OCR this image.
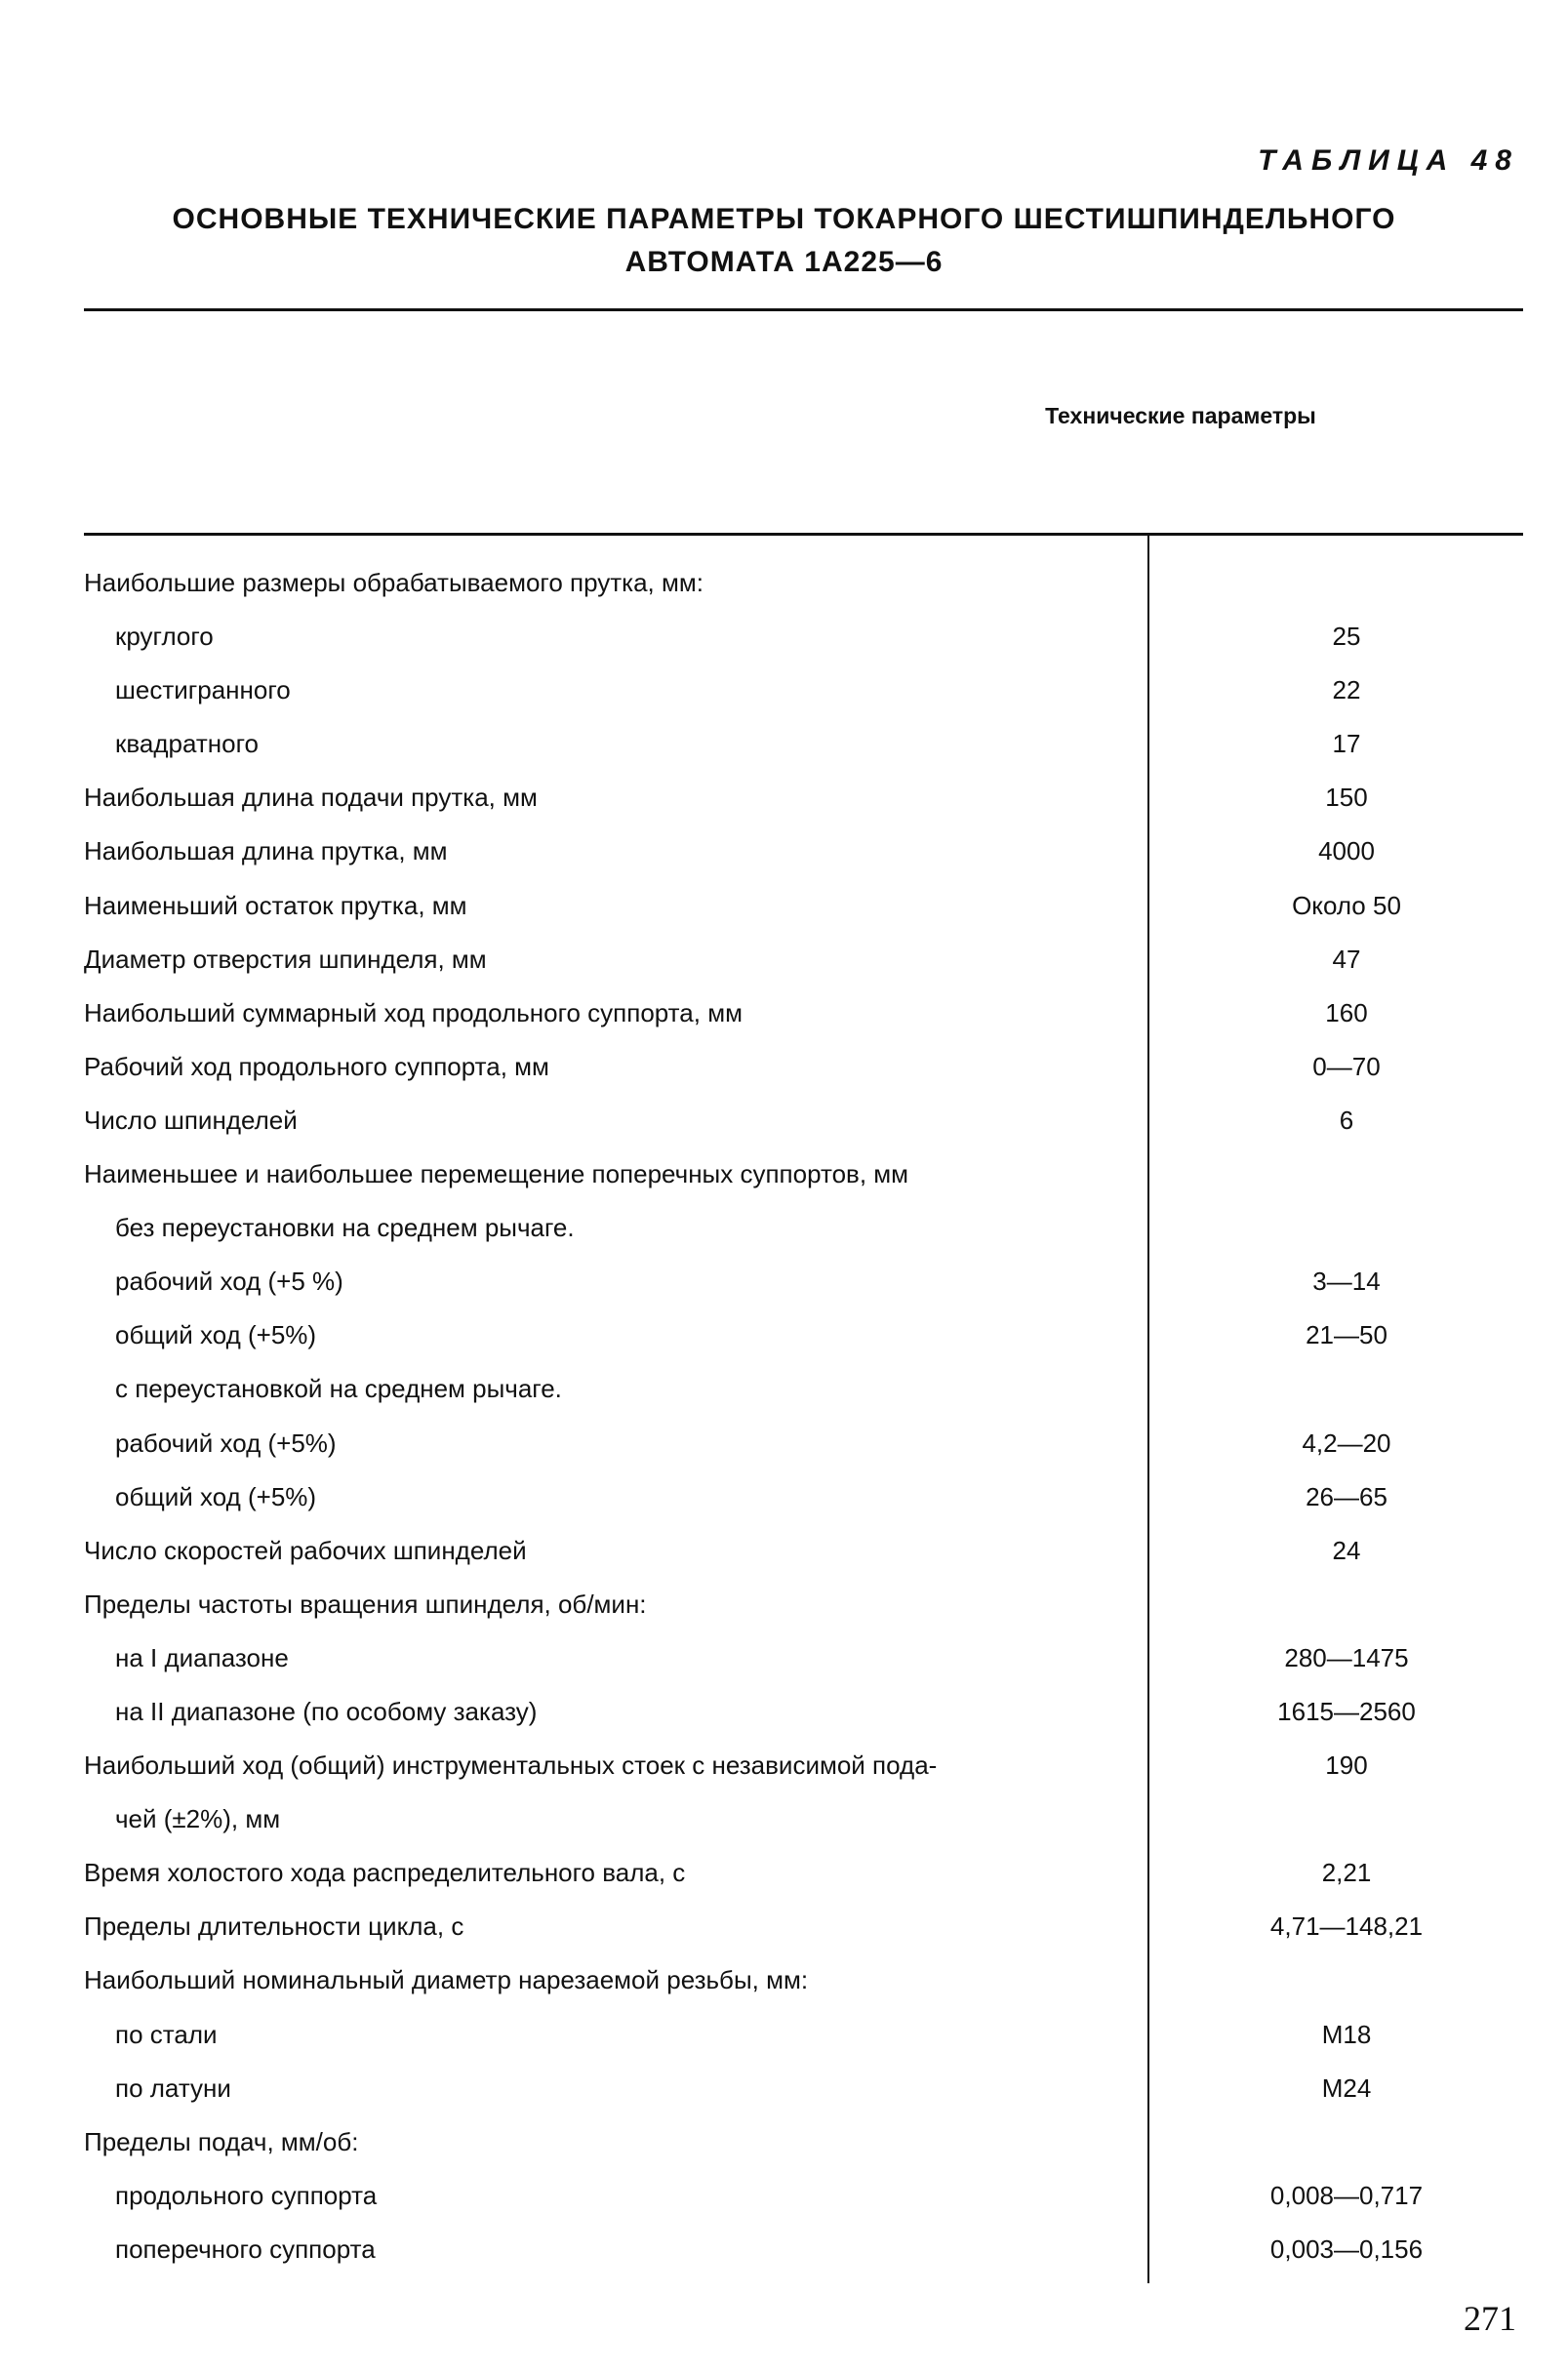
ТАБЛИЦА 48
ОСНОВНЫЕ ТЕХНИЧЕСКИЕ ПАРАМЕТРЫ ТОКАРНОГО ШЕСТИШПИНДЕЛЬНОГО
АВТОМАТА 1А225—6
Технические параметры
Наибольшие размеры обрабатываемого прутка, мм:
круглого	25
шестигранного	22
квадратного	17
Наибольшая длина подачи прутка, мм	150
Наибольшая длина прутка, мм	4000
Наименьший остаток прутка, мм	Около 50
Диаметр отверстия шпинделя, мм	47
Наибольший суммарный ход продольного суппорта, мм	160
Рабочий ход продольного суппорта, мм	0—70
Число шпинделей	6
Наименьшее и наибольшее перемещение поперечных суппортов, мм
без переустановки на среднем рычаге.
рабочий ход (+5 %)	3—14
общий ход (+5%)	21—50
с переустановкой на среднем рычаге.
рабочий ход (+5%)	4,2—20
общий ход (+5%)	26—65
Число скоростей рабочих шпинделей	24
Пределы частоты вращения шпинделя, об/мин:
на I диапазоне	280—1475
на II диапазоне (по особому заказу)	1615—2560
Наибольший ход (общий) инструментальных стоек с независимой пода-	190
чей (±2%), мм
Время холостого хода распределительного вала, с	2,21
Пределы длительности цикла, с	4,71—148,21
Наибольший номинальный диаметр нарезаемой резьбы, мм:
по стали	М18
по латуни	М24
Пределы подач, мм/об:
продольного суппорта	0,008—0,717
поперечного суппорта	0,003—0,156
271
